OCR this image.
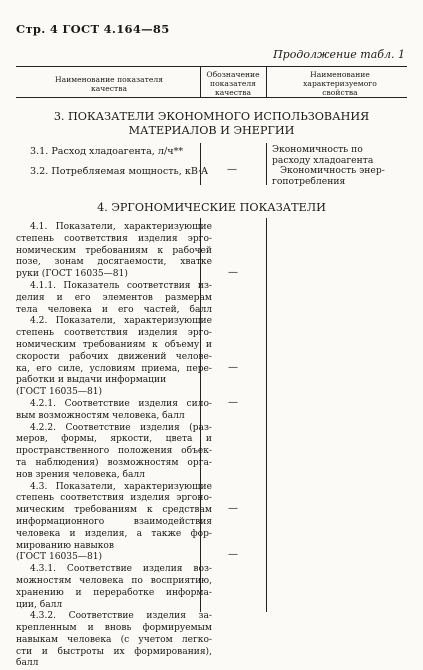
Стр. 4 ГОСТ 4.164—85
Продолжение табл. 1
Наименование показателя качества
Обозначение показателя качества
Наименование характеризуемого свойства
3. ПОКАЗАТЕЛИ ЭКОНОМНОГО ИСПОЛЬЗОВАНИЯ
МАТЕРИАЛОВ И ЭНЕРГИИ
3.1. Расход хладоагента, л/ч**	Экономичность по
расходу хладоагента
3.2. Потребляемая мощность, кВ·А —	Экономичность энер-
гопотребления
4. ЭРГОНОМИЧЕСКИЕ ПОКАЗАТЕЛИ
4.1. Показатели, характеризующие
степень соответствия изделия эрго-
номическим требованиям к рабочей
позе, зонам досягаемости, хватке
руки (ГОСТ 16035—81)
4.1.1. Показатель соответствия из-
делия и его элементов размерам
тела человека и его частей, балл
4.2. Показатели, характеризующие
степень соответствия изделия эрго-
номическим требованиям к объему и
скорости рабочих движений челове-
ка, его силе, условиям приема, пере-
работки и выдачи информации
(ГОСТ 16035—81)
4.2.1. Соответствие изделия сило-
вым возможностям человека, балл
4.2.2. Соответствие изделия (раз-
меров, формы, яркости, цвета и
пространственного положения объек-
та наблюдения) возможностям орга-
нов зрения человека, балл
4.3. Показатели, характеризующие
степень соответствия изделия эргоно-
мическим требованиям к средствам
информационного взаимодействия
человека и изделия, а также фор-
мированию навыков
(ГОСТ 16035—81)
4.3.1. Соответствие изделия воз-
можностям человека по восприятию,
хранению и переработке информа-
ции, балл
4.3.2. Соответствие изделия за-
крепленным и вновь формируемым
навыкам человека (с учетом легко-
сти и быстроты их формирования),
балл
—
—
—
—
—
